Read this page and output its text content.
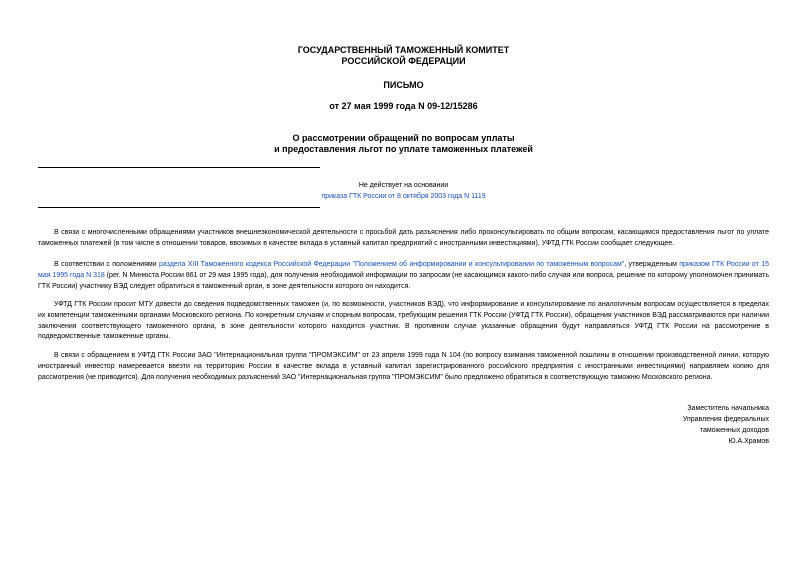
ГОСУДАРСТВЕННЫЙ ТАМОЖЕННЫЙ КОМИТЕТ
РОССИЙСКОЙ ФЕДЕРАЦИИ
ПИСЬМО
от 27 мая 1999 года N 09-12/15286
О рассмотрении обращений по вопросам уплаты
и предоставления льгот по уплате таможенных платежей
Не действует на основании
приказа ГТК России от 8 октября 2003 года N 1119

В связи с многочисленными обращениями участников внешнеэкономической деятельности с просьбой дать разъяснения либо проконсультировать по общим вопросам, касающимся предоставления льгот по уплате таможенных платежей (в том числе в отношении товаров, ввозимых в качестве вклада в уставный капитал предприятий с иностранными инвестициями), УФТД ГТК России сообщает следующее.

В соответствии с положениями раздела XIII Таможенного кодекса Российской Федерации "Положением об информировании и консультировании по таможенным вопросам", утвержденным приказом ГТК России от 15 мая 1995 года N 318 (рег. N Минюста России 861 от 29 мая 1995 года), для получения необходимой информации по запросам (не касающимся какого-либо случая или вопроса, решение по которому уполномочен принимать ГТК России) участнику ВЭД следует обратиться в таможенный орган, в зоне деятельности которого он находится.

УФТД ГТК России просит МТУ довести до сведения подведомственных таможен (и, по возможности, участников ВЭД), что информирование и консультирование по аналогичным вопросам осуществляется в пределах их компетенции таможенными органами Московского региона. По конкретным случаям и спорным вопросам, требующим решения ГТК России (УФТД ГТК России), обращения участников ВЭД рассматриваются при наличии заключения соответствующего таможенного органа, в зоне деятельности которого находится участник. В противном случае указанные обращения будут направляться УФТД ГТК России на рассмотрение в подведомственные таможенные органы.

В связи с обращением в УФТД ГТК России ЗАО "Интернациональная группа "ПРОМЭКСИМ" от 23 апреля 1999 года N 104 (по вопросу взимания таможенной пошлины в отношении производственной линии, которую иностранный инвестор намеревается ввезти на территорию России в качестве вклада в уставный капитал зарегистрированного российского предприятия с иностранными инвестициями) направляем копию для рассмотрения (не приводится). Для получения необходимых разъяснений ЗАО "Интернациональная группа "ПРОМЭКСИМ" было предложено обратиться в соответствующую таможню Московского региона.

Заместитель начальника
Управления федеральных
таможенных доходов
Ю.А.Храмов
